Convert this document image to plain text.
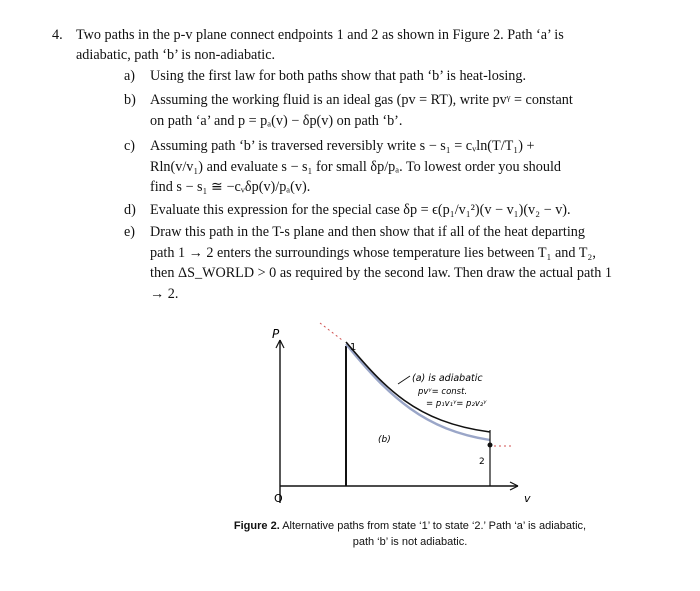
4. Two paths in the p-v plane connect endpoints 1 and 2 as shown in Figure 2. Path ‘a’ is
adiabatic, path ‘b’ is non-adiabatic.
a) Using the first law for both paths show that path ‘b’ is heat-losing.
b) Assuming the working fluid is an ideal gas (pv = RT), write pvᵞ = constant
on path ‘a’ and p = pₐ(v) − δp(v) on path ‘b’.
c) Assuming path ‘b’ is traversed reversibly write s − s₁ = cᵥln(T/T₁) +
Rln(v/v₁) and evaluate s − s₁ for small δp/pₐ. To lowest order you should
find s − s₁ ≅ −cᵥδp(v)/pₐ(v).
d) Evaluate this expression for the special case δp = ϵ(p₁/v₁²)(v − v₁)(v₂ − v).
e) Draw this path in the T-s plane and then show that if all of the heat departing
path 1 → 2 enters the surroundings whose temperature lies between T₁ and T₂,
then ΔS_WORLD > 0 as required by the second law. Then draw the actual path 1
→ 2.
P
v
O
1
2
(a) is adiabatic
pvᵞ= const.
= p₁v₁ᵞ= p₂v₂ᵞ
(b)
Figure 2. Alternative paths from state ‘1’ to state ‘2.’ Path ‘a’ is adiabatic,
path ‘b’ is not adiabatic.
